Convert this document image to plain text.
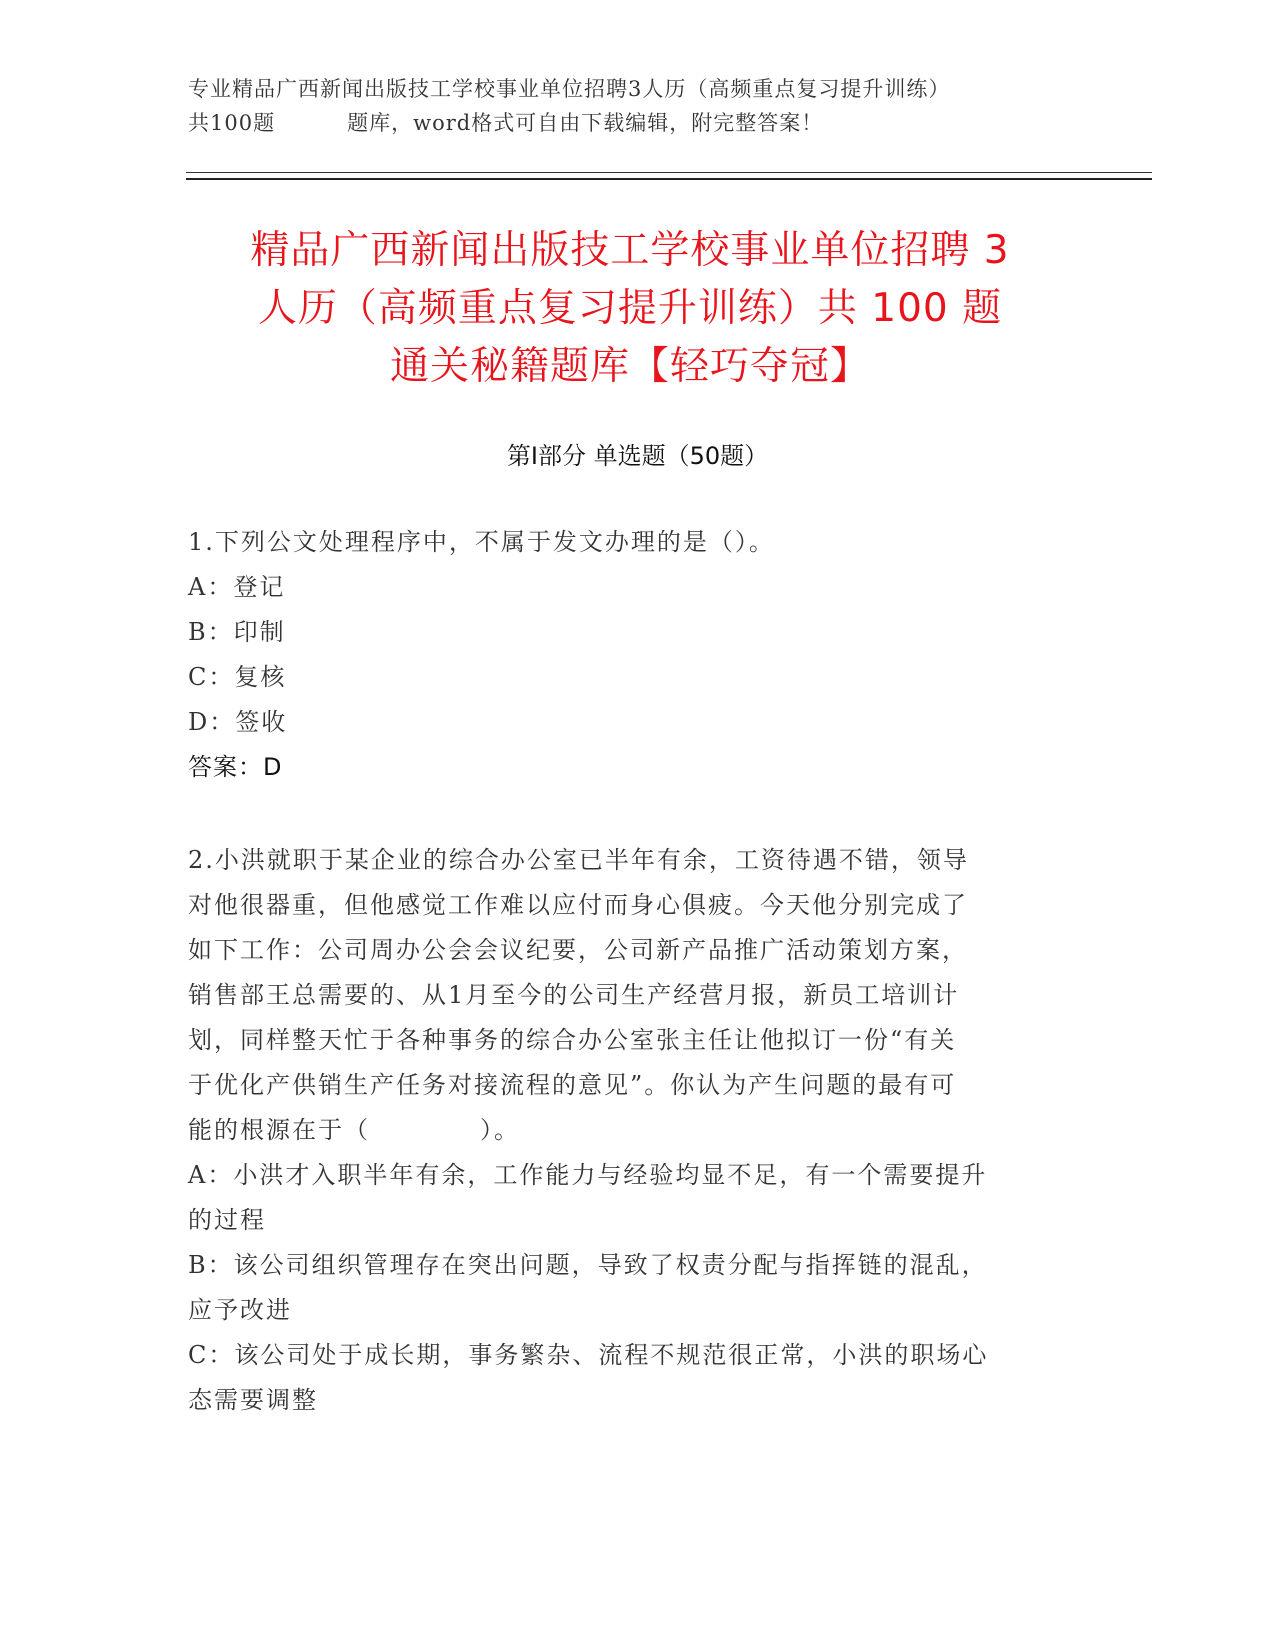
专业精品广西新闻出版技工学校事业单位招聘3人历（高频重点复习提升训练）
共100题	题库，word格式可自由下载编辑，附完整答案！
精品广西新闻出版技工学校事业单位招聘 3
人历（高频重点复习提升训练）共 100 题
通关秘籍题库【轻巧夺冠】
第Ⅰ部分 单选题（50题）
1.下列公文处理程序中，不属于发文办理的是（）。
A：登记
B：印制
C：复核
D：签收
答案：D
2.小洪就职于某企业的综合办公室已半年有余，工资待遇不错，领导
对他很器重，但他感觉工作难以应付而身心俱疲。今天他分别完成了
如下工作：公司周办公会会议纪要，公司新产品推广活动策划方案，
销售部王总需要的、从1月至今的公司生产经营月报，新员工培训计
划，同样整天忙于各种事务的综合办公室张主任让他拟订一份“有关
于优化产供销生产任务对接流程的意见”。你认为产生问题的最有可
能的根源在于（	）。
A：小洪才入职半年有余，工作能力与经验均显不足，有一个需要提升
的过程
B：该公司组织管理存在突出问题，导致了权责分配与指挥链的混乱，
应予改进
C：该公司处于成长期，事务繁杂、流程不规范很正常，小洪的职场心
态需要调整
